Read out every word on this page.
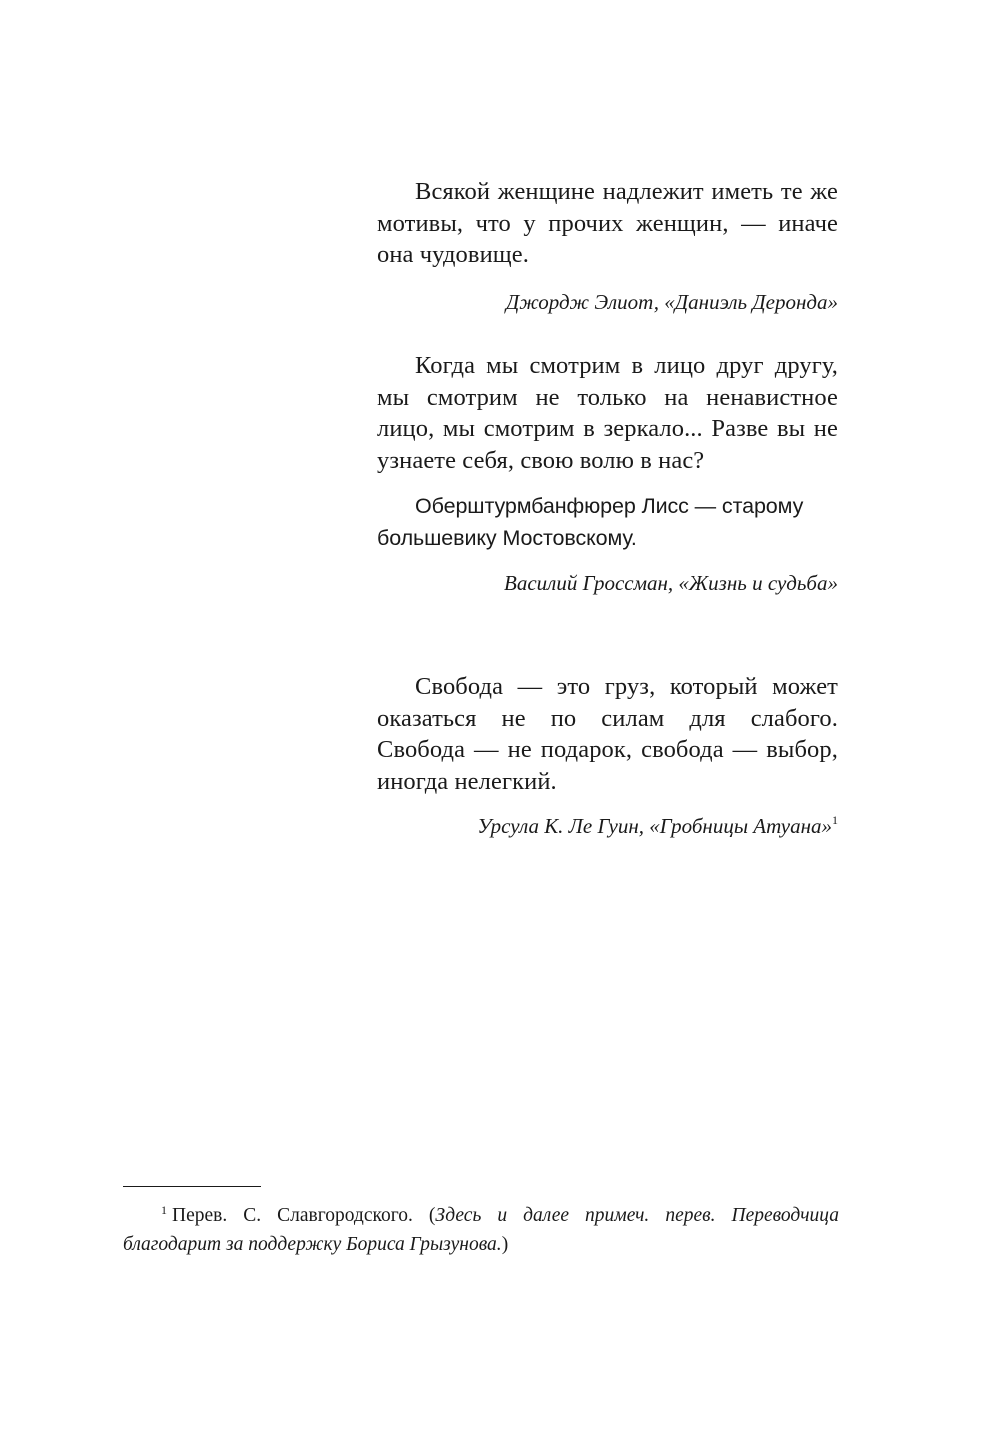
Всякой женщине надлежит иметь те же мотивы, что у прочих женщин, — иначе она чудовище.

Джордж Элиот, «Даниэль Деронда»

Когда мы смотрим в лицо друг другу, мы смотрим не только на ненавистное лицо, мы смотрим в зеркало... Разве вы не узнаете себя, свою волю в нас?

Оберштурмбанфюрер Лисс — старому большевику Мостовскому.

Василий Гроссман, «Жизнь и судьба»

Свобода — это груз, который может оказаться не по силам для слабого. Свобода — не подарок, свобода — выбор, иногда нелегкий.

Урсула К. Ле Гуин, «Гробницы Атуана»$^1$

$^1$ Перев. С. Славгородского. (Здесь и далее примеч. перев. Переводчица благодарит за поддержку Бориса Грызунова.)
